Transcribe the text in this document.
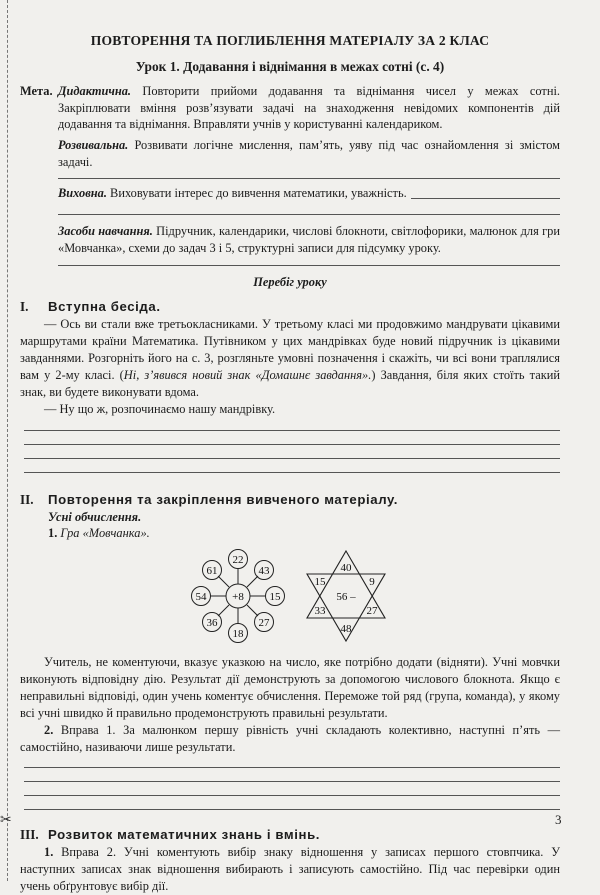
✂
ПОВТОРЕННЯ ТА ПОГЛИБЛЕННЯ МАТЕРІАЛУ ЗА 2 КЛАС
Урок 1. Додавання і віднімання в межах сотні (с. 4)
Мета. Дидактична. Повторити прийоми додавання та віднімання чисел у межах сотні. Закріплювати вміння розв’язувати задачі на знаходження невідомих компонентів дій додавання та віднімання. Вправляти учнів у користуванні календариком.

Розвивальна. Розвивати логічне мислення, пам’ять, уяву під час ознайомлення зі змістом задачі.

Виховна. Виховувати інтерес до вивчення математики, уважність.

Засоби навчання. Підручник, календарики, числові блокноти, світлофорики, малюнок для гри «Мовчанка», схеми до задач 3 і 5, структурні записи для підсумку уроку.

Перебіг уроку
I. Вступна бесіда.

— Ось ви стали вже третьокласниками. У третьому класі ми продовжимо мандрувати цікавими маршрутами країни Математика. Путівником у цих мандрівках буде новий підручник із цікавими завданнями. Розгорніть його на с. 3, розгляньте умовні позначення і скажіть, чи всі вони траплялися вам у 2-му класі. (Ні, з’явився новий знак «Домашнє завдання».) Завдання, біля яких стоїть такий знак, ви будете виконувати вдома.

— Ну що ж, розпочинаємо нашу мандрівку.

II. Повторення та закріплення вивченого матеріалу.
Усні обчислення.
1. Гра «Мовчанка».
+8
22
43
15
27
18
36
54
61
56 –
40
15	9
33	27
48

Учитель, не коментуючи, вказує указкою на число, яке потрібно додати (відняти). Учні мовчки виконують відповідну дію. Результат дії демонструють за допомогою числового блокнота. Якщо є неправильні відповіді, один учень коментує обчислення. Переможе той ряд (група, команда), у якому всі учні швидко й правильно продемонструють правильні результати.

2. Вправа 1. За малюнком першу рівність учні складають колективно, наступні п’ять — самостійно, називаючи лише результати.

III. Розвиток математичних знань і вмінь.

1. Вправа 2. Учні коментують вибір знаку відношення у записах першого стовпчика. У наступних записах знак відношення вибирають і записують самостійно. Під час перевірки один учень обґрунтовує вибір дії.

3
